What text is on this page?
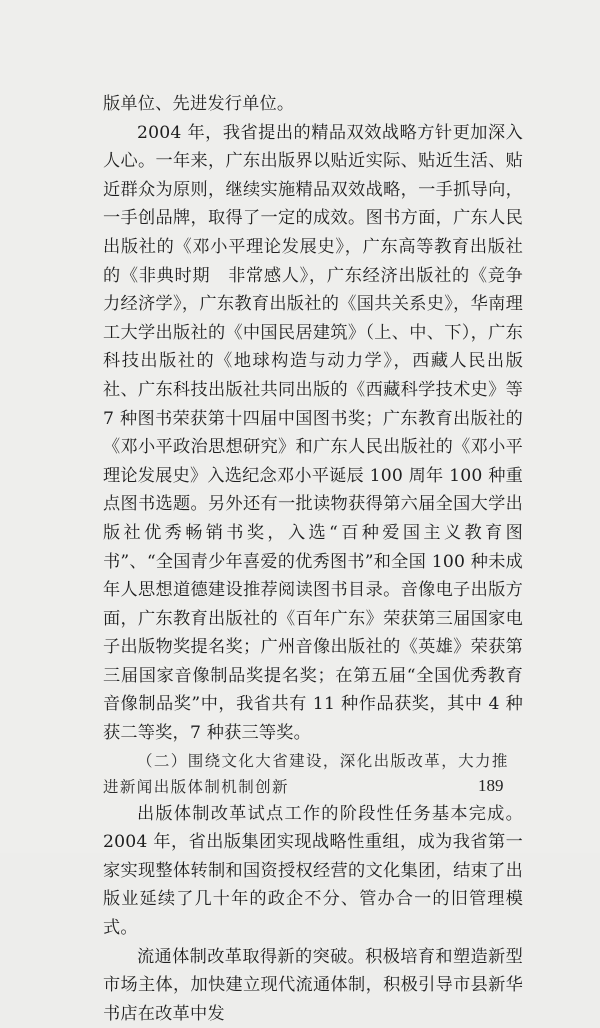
版单位、先进发行单位。

2004 年，我省提出的精品双效战略方针更加深入人心。一年来，广东出版界以贴近实际、贴近生活、贴近群众为原则，继续实施精品双效战略，一手抓导向，一手创品牌，取得了一定的成效。图书方面，广东人民出版社的《邓小平理论发展史》，广东高等教育出版社的《非典时期　非常感人》，广东经济出版社的《竞争力经济学》，广东教育出版社的《国共关系史》，华南理工大学出版社的《中国民居建筑》（上、中、下），广东科技出版社的《地球构造与动力学》，西藏人民出版社、广东科技出版社共同出版的《西藏科学技术史》等 7 种图书荣获第十四届中国图书奖；广东教育出版社的《邓小平政治思想研究》和广东人民出版社的《邓小平理论发展史》入选纪念邓小平诞辰 100 周年 100 种重点图书选题。另外还有一批读物获得第六届全国大学出版社优秀畅销书奖，入选“百种爱国主义教育图书”、“全国青少年喜爱的优秀图书”和全国 100 种未成年人思想道德建设推荐阅读图书目录。音像电子出版方面，广东教育出版社的《百年广东》荣获第三届国家电子出版物奖提名奖；广州音像出版社的《英雄》荣获第三届国家音像制品奖提名奖；在第五届“全国优秀教育音像制品奖”中，我省共有 11 种作品获奖，其中 4 种获二等奖，7 种获三等奖。

（二）围绕文化大省建设，深化出版改革，大力推进新闻出版体制机制创新

出版体制改革试点工作的阶段性任务基本完成。2004 年，省出版集团实现战略性重组，成为我省第一家实现整体转制和国资授权经营的文化集团，结束了出版业延续了几十年的政企不分、管办合一的旧管理模式。

流通体制改革取得新的突破。积极培育和塑造新型市场主体，加快建立现代流通体制，积极引导市县新华书店在改革中发

189
